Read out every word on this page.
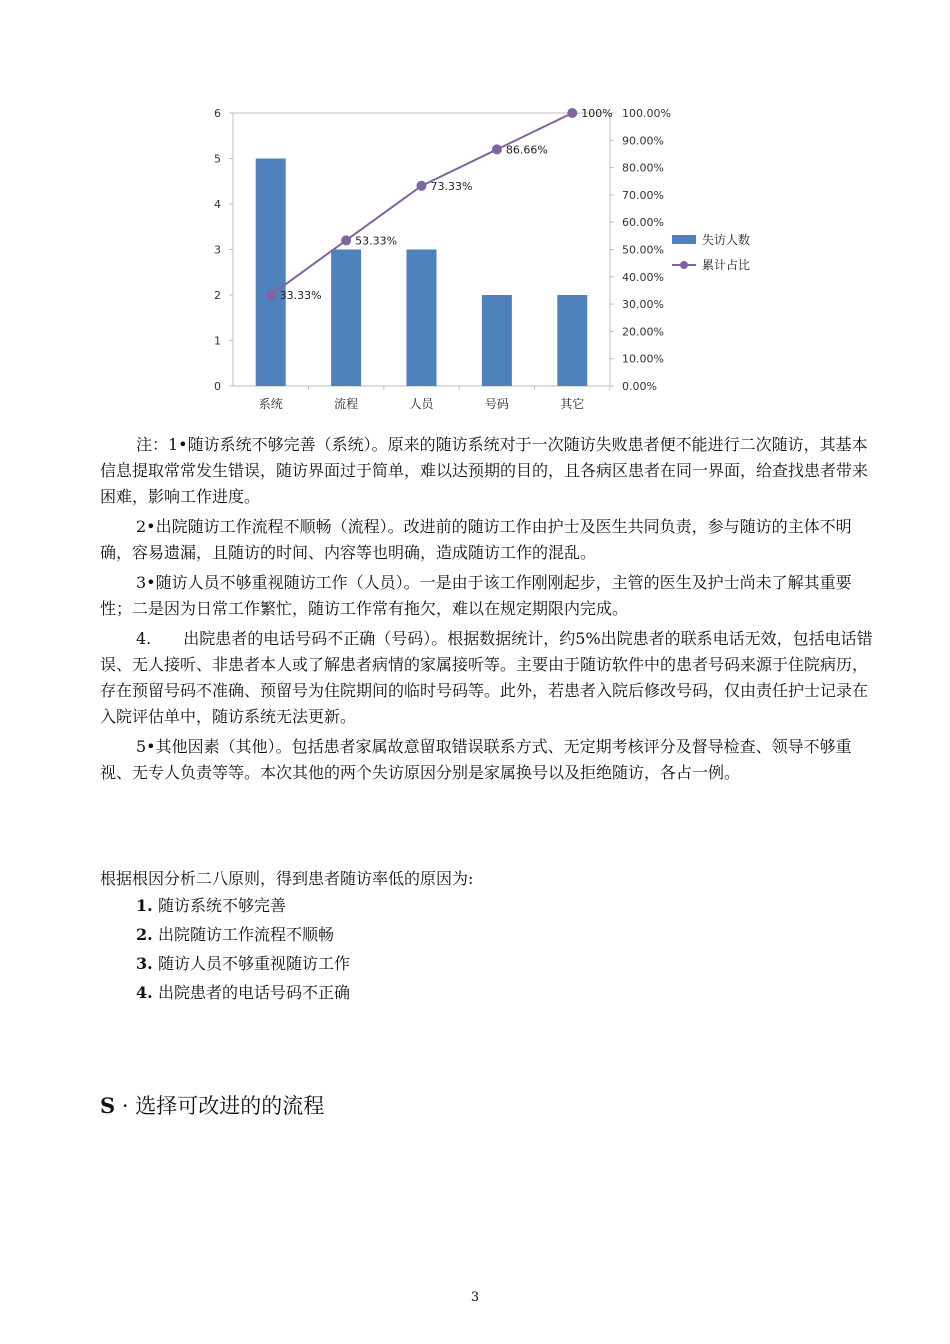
0
1
2
3
4
5
6
0.00%
10.00%
20.00%
30.00%
40.00%
50.00%
60.00%
70.00%
80.00%
90.00%
100.00%
系统	流程	人员	号码	其它
33.33%
53.33%
73.33%
86.66%
100%
失访人数
累计占比

注：1•随访系统不够完善（系统）。原来的随访系统对于一次随访失败患者便不能进行二次随访，其基本信息提取常常发生错误，随访界面过于简单，难以达预期的目的，且各病区患者在同一界面，给查找患者带来困难，影响工作进度。

2•出院随访工作流程不顺畅（流程）。改进前的随访工作由护士及医生共同负责，参与随访的主体不明确，容易遗漏，且随访的时间、内容等也明确，造成随访工作的混乱。

3•随访人员不够重视随访工作（人员）。一是由于该工作刚刚起步，主管的医生及护士尚未了解其重要性；二是因为日常工作繁忙，随访工作常有拖欠，难以在规定期限内完成。

4.　　出院患者的电话号码不正确（号码）。根据数据统计，约5%出院患者的联系电话无效，包括电话错误、无人接听、非患者本人或了解患者病情的家属接听等。主要由于随访软件中的患者号码来源于住院病历，存在预留号码不准确、预留号为住院期间的临时号码等。此外，若患者入院后修改号码，仅由责任护士记录在入院评估单中，随访系统无法更新。

5•其他因素（其他）。包括患者家属故意留取错误联系方式、无定期考核评分及督导检查、领导不够重视、无专人负责等等。本次其他的两个失访原因分别是家属换号以及拒绝随访，各占一例。

根据根因分析二八原则，得到患者随访率低的原因为:

1. 随访系统不够完善
2. 出院随访工作流程不顺畅
3. 随访人员不够重视随访工作
4. 出院患者的电话号码不正确
S · 选择可改进的的流程
3
